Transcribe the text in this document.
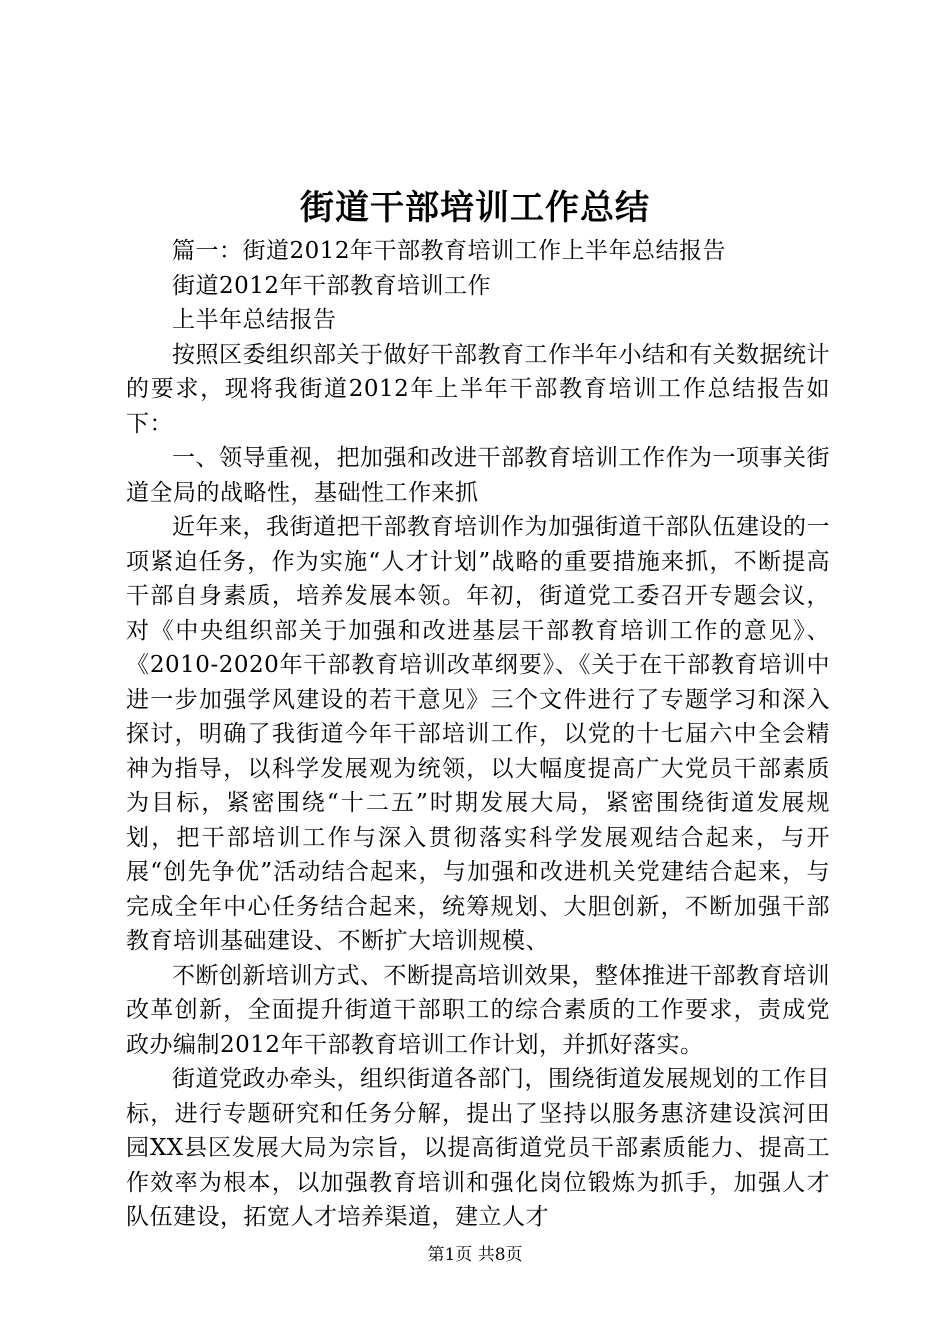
街道干部培训工作总结

篇一：街道2012年干部教育培训工作上半年总结报告

街道2012年干部教育培训工作

上半年总结报告

按照区委组织部关于做好干部教育工作半年小结和有关数据统计的要求，现将我街道2012年上半年干部教育培训工作总结报告如下：

一、领导重视，把加强和改进干部教育培训工作作为一项事关街道全局的战略性，基础性工作来抓

近年来，我街道把干部教育培训作为加强街道干部队伍建设的一项紧迫任务，作为实施“人才计划”战略的重要措施来抓，不断提高干部自身素质，培养发展本领。年初，街道党工委召开专题会议，对《中央组织部关于加强和改进基层干部教育培训工作的意见》、《2010-2020年干部教育培训改革纲要》、《关于在干部教育培训中进一步加强学风建设的若干意见》三个文件进行了专题学习和深入探讨，明确了我街道今年干部培训工作，以党的十七届六中全会精神为指导，以科学发展观为统领，以大幅度提高广大党员干部素质为目标，紧密围绕“十二五”时期发展大局，紧密围绕街道发展规划，把干部培训工作与深入贯彻落实科学发展观结合起来，与开展“创先争优”活动结合起来，与加强和改进机关党建结合起来，与完成全年中心任务结合起来，统筹规划、大胆创新，不断加强干部教育培训基础建设、不断扩大培训规模、

不断创新培训方式、不断提高培训效果，整体推进干部教育培训改革创新，全面提升街道干部职工的综合素质的工作要求，责成党政办编制2012年干部教育培训工作计划，并抓好落实。

街道党政办牵头，组织街道各部门，围绕街道发展规划的工作目标，进行专题研究和任务分解，提出了坚持以服务惠济建设滨河田园XX县区发展大局为宗旨，以提高街道党员干部素质能力、提高工作效率为根本，以加强教育培训和强化岗位锻炼为抓手，加强人才队伍建设，拓宽人才培养渠道，建立人才

第1页 共8页
